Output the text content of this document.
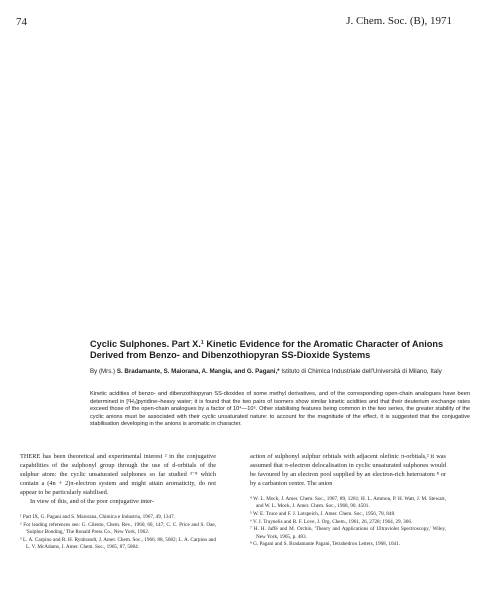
74	J. Chem. Soc. (B), 1971
Cyclic Sulphones. Part X.¹ Kinetic Evidence for the Aromatic Character of Anions Derived from Benzo- and Dibenzothiopyran SS-Dioxide Systems
By (Mrs.) S. Bradamante, S. Maiorana, A. Mangia, and G. Pagani,* Istituto di Chimica Industriale dell'Università di Milano, Italy
Kinetic acidities of benzo- and dibenzothiopyran SS-dioxides of some methyl derivatives, and of the corresponding open-chain analogues have been determined in [²H₃]pyridine–heavy water; it is found that the two pairs of isomers show similar kinetic acidities and that their deuterium exchange rates exceed those of the open-chain analogues by a factor of 10⁴—10⁵. Other stabilising features being common in the two series, the greater stability of the cyclic anions must be associated with their cyclic unsaturated nature: to account for the magnitude of the effect, it is suggested that the conjugative stabilisation developing in the anions is aromatic in character.

THERE has been theoretical and experimental interest ² in the conjugative capabilities of the sulphonyl group through the use of d-orbitals of the sulphur atom: the cyclic unsaturated sulphones so far studied ³⁻⁸ which contain a (4n + 2)π-electron system and might attain aromaticity, do not appear to be particularly stabilised.

In view of this, and of the poor conjugative inter-

¹ Part IX, G. Pagani and S. Maiorana, Chimica e Industria, 1967, 49, 1347.

² For leading references see: G. Cilento, Chem. Rev., 1960, 60, 147; C. C. Price and S. Oae, 'Sulphur Bonding,' The Ronald Press Co., New York, 1962.

³ L. A. Carpino and R. H. Rynbrandt, J. Amer. Chem. Soc., 1966, 88, 5682; L. A. Carpino and L. V. McAdams, J. Amer. Chem. Soc., 1965, 87, 5804.

action of sulphonyl sulphur orbitals with adjacent olefinic π-orbitals,² it was assumed that π-electron delocalisation in cyclic unsaturated sulphones would be favoured by an electron pool supplied by an electron-rich heteroatom ⁸ or by a carbanion centre. The anion

⁴ W. L. Mock, J. Amer. Chem. Soc., 1967, 89, 1281; H. L. Ammon, P. H. Watt, J. M. Stewart, and W. L. Mock, J. Amer. Chem. Soc., 1968, 90, 4501.

⁵ W. E. Truce and F. J. Lotspeich, J. Amer. Chem. Soc., 1956, 78, 848.

⁶ V. J. Traynelis and R. F. Love, J. Org. Chem., 1961, 26, 2728; 1964, 29, 366.

⁷ H. H. Jaffé and M. Orchin, 'Theory and Applications of Ultraviolet Spectroscopy,' Wiley, New York, 1965, p. 483.

⁸ G. Pagani and S. Bradamante Pagani, Tetrahedron Letters, 1968, 1041.
